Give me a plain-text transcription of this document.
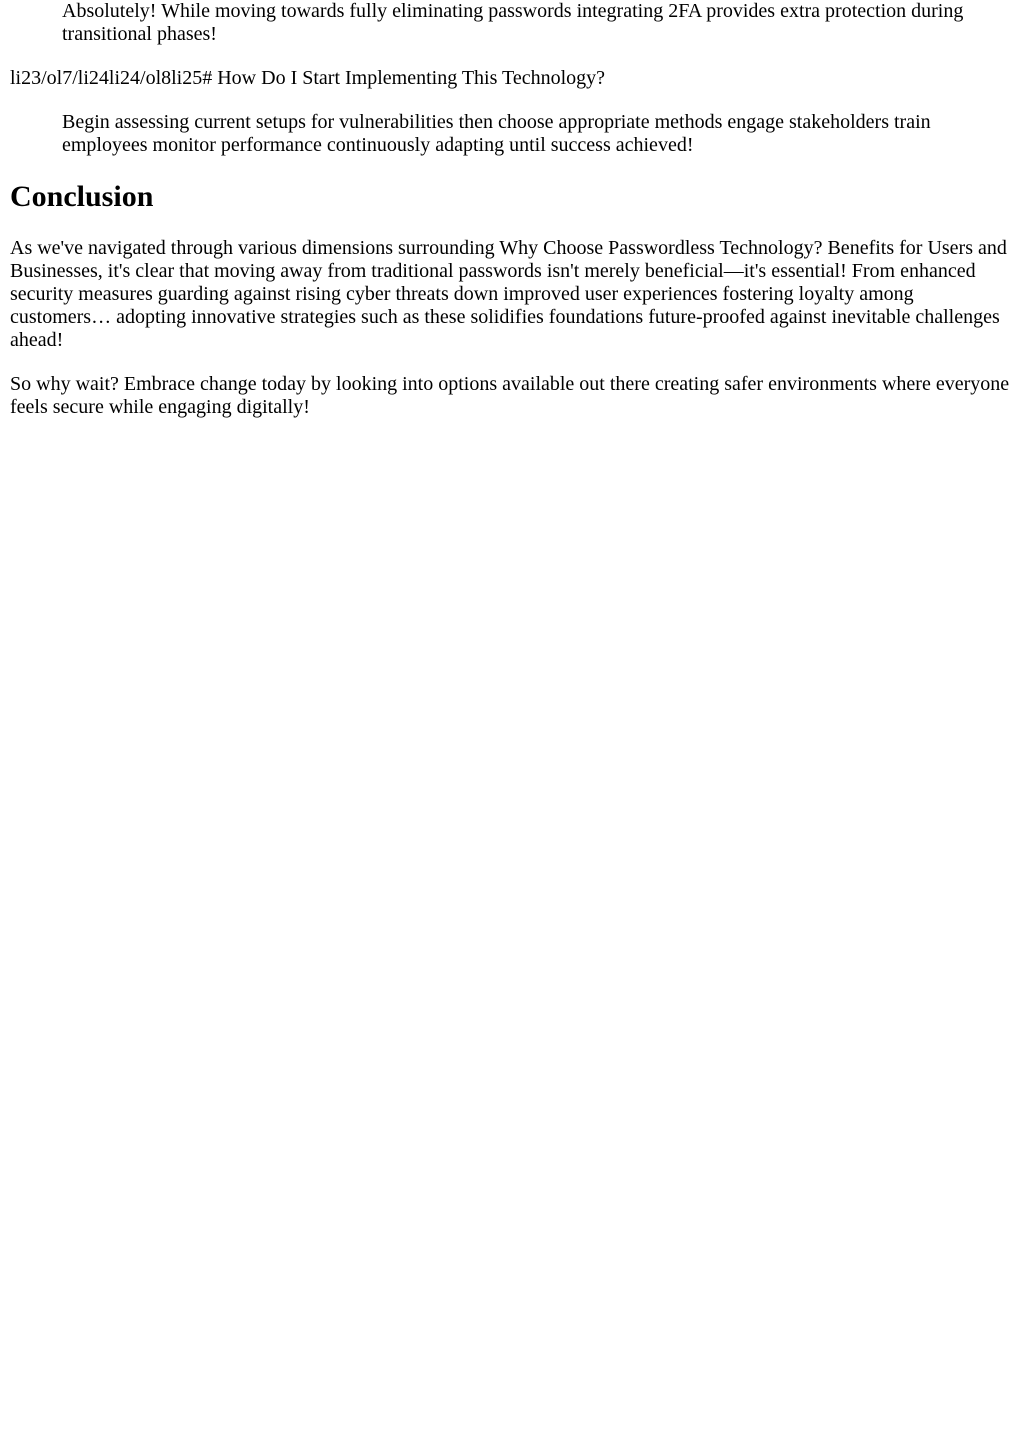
Absolutely! While moving towards fully eliminating passwords integrating 2FA provides extra protection during transitional phases!

li23/ol7/li24li24/ol8li25# How Do I Start Implementing This Technology?

Begin assessing current setups for vulnerabilities then choose appropriate methods engage stakeholders train employees monitor performance continuously adapting until success achieved!

Conclusion

As we've navigated through various dimensions surrounding Why Choose Passwordless Technology? Benefits for Users and Businesses, it's clear that moving away from traditional passwords isn't merely beneficial—it's essential! From enhanced security measures guarding against rising cyber threats down improved user experiences fostering loyalty among customers… adopting innovative strategies such as these solidifies foundations future-proofed against inevitable challenges ahead!

So why wait? Embrace change today by looking into options available out there creating safer environments where everyone feels secure while engaging digitally!
